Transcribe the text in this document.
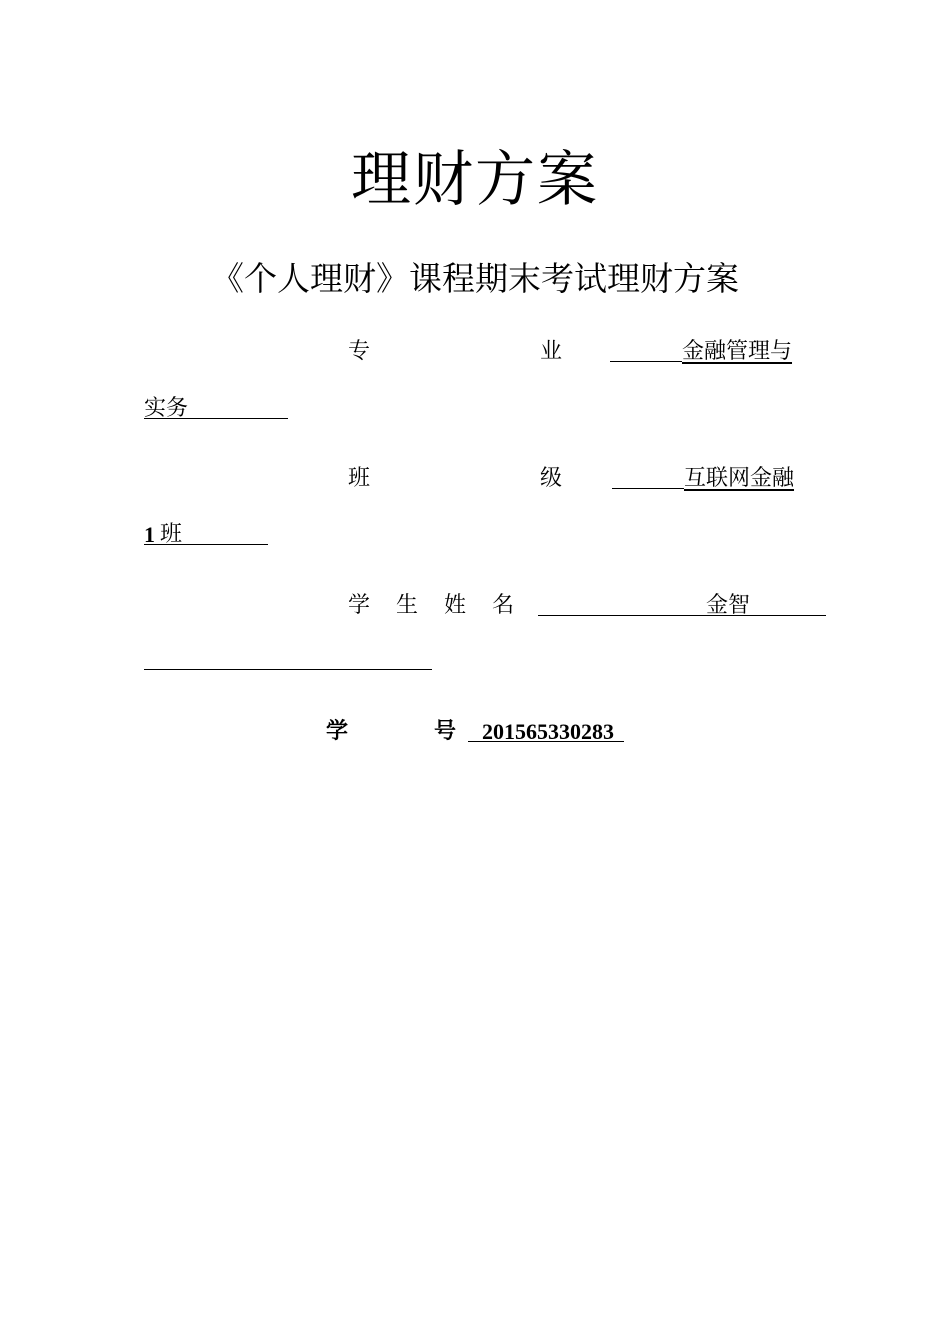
理财方案
《个人理财》课程期末考试理财方案
专	业	金融管理与
实务
班	级	互联网金融
1 班
学 生 姓 名	金智
学	号 201565330283
